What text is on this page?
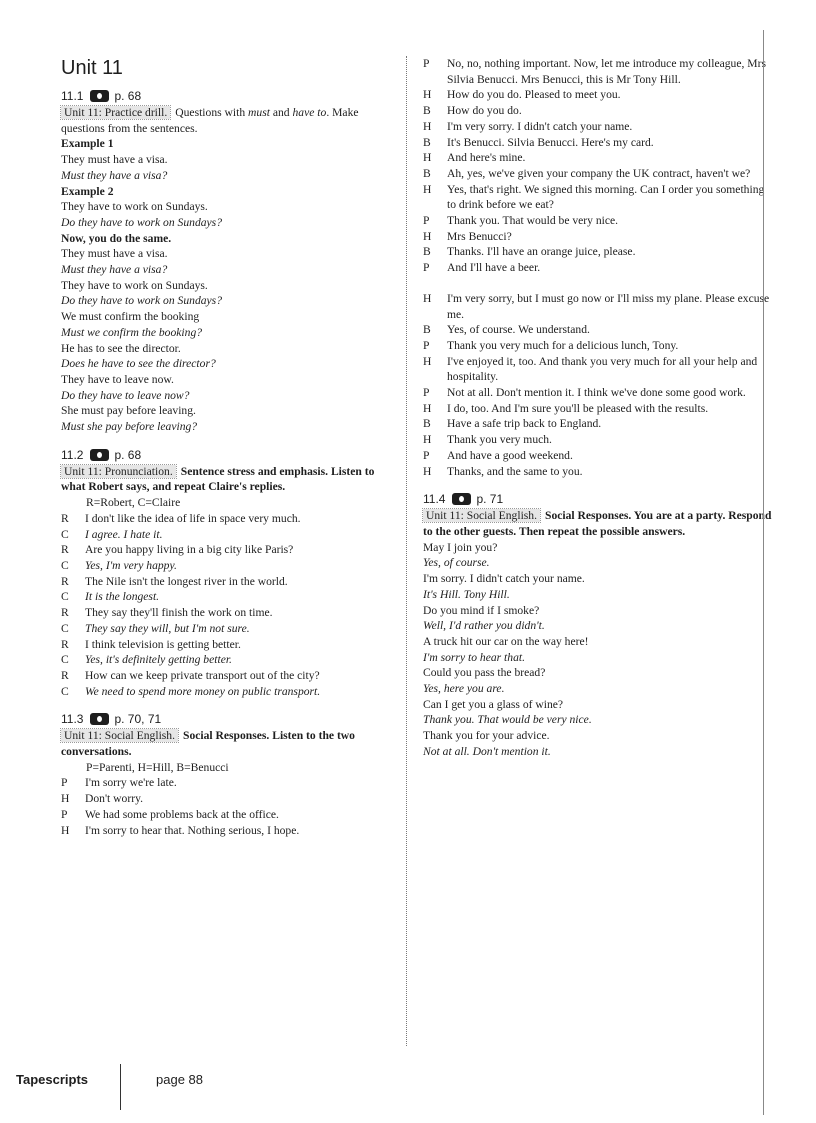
Unit 11
11.1	p. 68

Unit 11: Practice drill. Questions with must and have to. Make questions from the sentences.

Example 1
They must have a visa.
Must they have a visa?
Example 2
They have to work on Sundays.
Do they have to work on Sundays?
Now, you do the same.
They must have a visa.
Must they have a visa?
They have to work on Sundays.
Do they have to work on Sundays?
We must confirm the booking
Must we confirm the booking?
He has to see the director.
Does he have to see the director?
They have to leave now.
Do they have to leave now?
She must pay before leaving.
Must she pay before leaving?
11.2	p. 68

Unit 11: Pronunciation. Sentence stress and emphasis. Listen to what Robert says, and repeat Claire's replies.

R=Robert, C=Claire
R	I don't like the idea of life in space very much.
C	I agree. I hate it.
R	Are you happy living in a big city like Paris?
C	Yes, I'm very happy.
R	The Nile isn't the longest river in the world.
C	It is the longest.
R	They say they'll finish the work on time.
C	They say they will, but I'm not sure.
R	I think television is getting better.
C	Yes, it's definitely getting better.
R	How can we keep private transport out of the city?
C	We need to spend more money on public transport.
11.3	p. 70, 71

Unit 11: Social English. Social Responses. Listen to the two conversations.

P=Parenti, H=Hill, B=Benucci
P	I'm sorry we're late.
H	Don't worry.
P	We had some problems back at the office.
H	I'm sorry to hear that. Nothing serious, I hope.
P	No, no, nothing important. Now, let me introduce my colleague, Mrs Silvia Benucci. Mrs Benucci, this is Mr Tony Hill.
H	How do you do. Pleased to meet you.
B	How do you do.
H	I'm very sorry. I didn't catch your name.
B	It's Benucci. Silvia Benucci. Here's my card.
H	And here's mine.
B	Ah, yes, we've given your company the UK contract, haven't we?
H	Yes, that's right. We signed this morning. Can I order you something to drink before we eat?
P	Thank you. That would be very nice.
H	Mrs Benucci?
B	Thanks. I'll have an orange juice, please.
P	And I'll have a beer.
H	I'm very sorry, but I must go now or I'll miss my plane. Please excuse me.
B	Yes, of course. We understand.
P	Thank you very much for a delicious lunch, Tony.
H	I've enjoyed it, too. And thank you very much for all your help and hospitality.
P	Not at all. Don't mention it. I think we've done some good work.
H	I do, too. And I'm sure you'll be pleased with the results.
B	Have a safe trip back to England.
H	Thank you very much.
P	And have a good weekend.
H	Thanks, and the same to you.
11.4	p. 71

Unit 11: Social English. Social Responses. You are at a party. Respond to the other guests. Then repeat the possible answers.

May I join you?
Yes, of course.
I'm sorry. I didn't catch your name.
It's Hill. Tony Hill.
Do you mind if I smoke?
Well, I'd rather you didn't.
A truck hit our car on the way here!
I'm sorry to hear that.
Could you pass the bread?
Yes, here you are.
Can I get you a glass of wine?
Thank you. That would be very nice.
Thank you for your advice.
Not at all. Don't mention it.
Tapescripts	page 88
